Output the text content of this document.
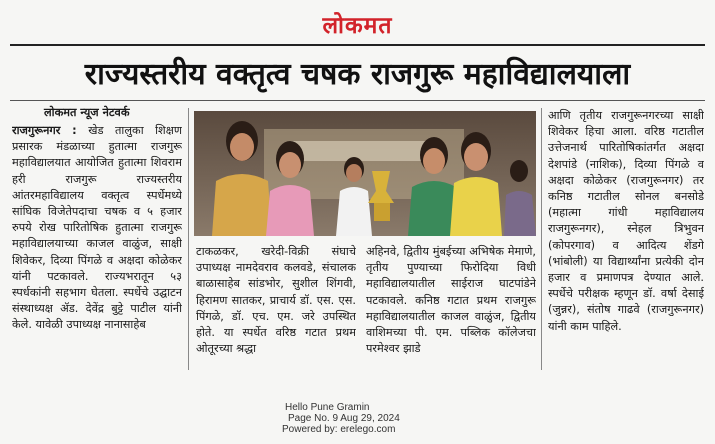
लोकमत
राज्यस्तरीय वक्तृत्व चषक राजगुरू महाविद्यालयाला
लोकमत न्यूज नेटवर्क
राजगुरूनगर : खेड तालुका शिक्षण प्रसारक मंडळाच्या हुतात्मा राजगुरू महाविद्यालयात आयोजित हुतात्मा शिवराम हरी राजगुरू राज्यस्तरीय आंतरमहाविद्यालय वक्तृत्व स्पर्धेमध्ये सांघिक विजेतेपदाचा चषक व ५ हजार रुपये रोख पारितोषिक हुतात्मा राजगुरू महाविद्यालयाच्या काजल वाळुंज, साक्षी शिवेकर, दिव्या पिंगळे व अक्षदा कोळेकर यांनी पटकावले. राज्यभरातून ५३ स्पर्धकांनी सहभाग घेतला. स्पर्धेचे उद्घाटन संस्थाध्यक्ष ॲड. देवेंद्र बुट्टे पाटील यांनी केले. यावेळी उपाध्यक्ष नानासाहेब
टाकळकर, खरेदी-विक्री संघाचे उपाध्यक्ष नामदेवराव कलवडे, संचालक बाळासाहेब सांडभोर, सुशील शिंगवी, हिरामण सातकर, प्राचार्य डॉ. एस. एस. पिंगळे, डॉ. एच. एम. जरे उपस्थित होते. या स्पर्धेत वरिष्ठ गटात प्रथम ओतूरच्या श्रद्धा
अहिनवे, द्वितीय मुंबईच्या अभिषेक मेमाणे, तृतीय पुण्याच्या फिरोदिया विधी महाविद्यालयातील साईराज घाटपांडेने पटकावले. कनिष्ठ गटात प्रथम राजगुरू महाविद्यालयातील काजल वाळुंज, द्वितीय वाशिमच्या पी. एम. पब्लिक कॉलेजचा परमेश्वर झाडे
आणि तृतीय राजगुरूनगरच्या साक्षी शिवेकर हिचा आला. वरिष्ठ गटातील उत्तेजनार्थ पारितोषिकांतर्गत अक्षदा देशपांडे (नाशिक), दिव्या पिंगळे व अक्षदा कोळेकर (राजगुरूनगर) तर कनिष्ठ गटातील सोनल बनसोडे (महात्मा गांधी महाविद्यालय राजगुरूनगर), स्नेहल त्रिभुवन (कोपरगाव) व आदित्य शेंडगे (भांबोली) या विद्यार्थ्यांना प्रत्येकी दोन हजार व प्रमाणपत्र देण्यात आले. स्पर्धेचे परीक्षक म्हणून डॉ. वर्षा देसाई (जुन्नर), संतोष गाढवे (राजगुरूनगर) यांनी काम पाहिले.
Hello Pune Gramin
Page No. 9 Aug 29, 2024
Powered by: erelego.com
